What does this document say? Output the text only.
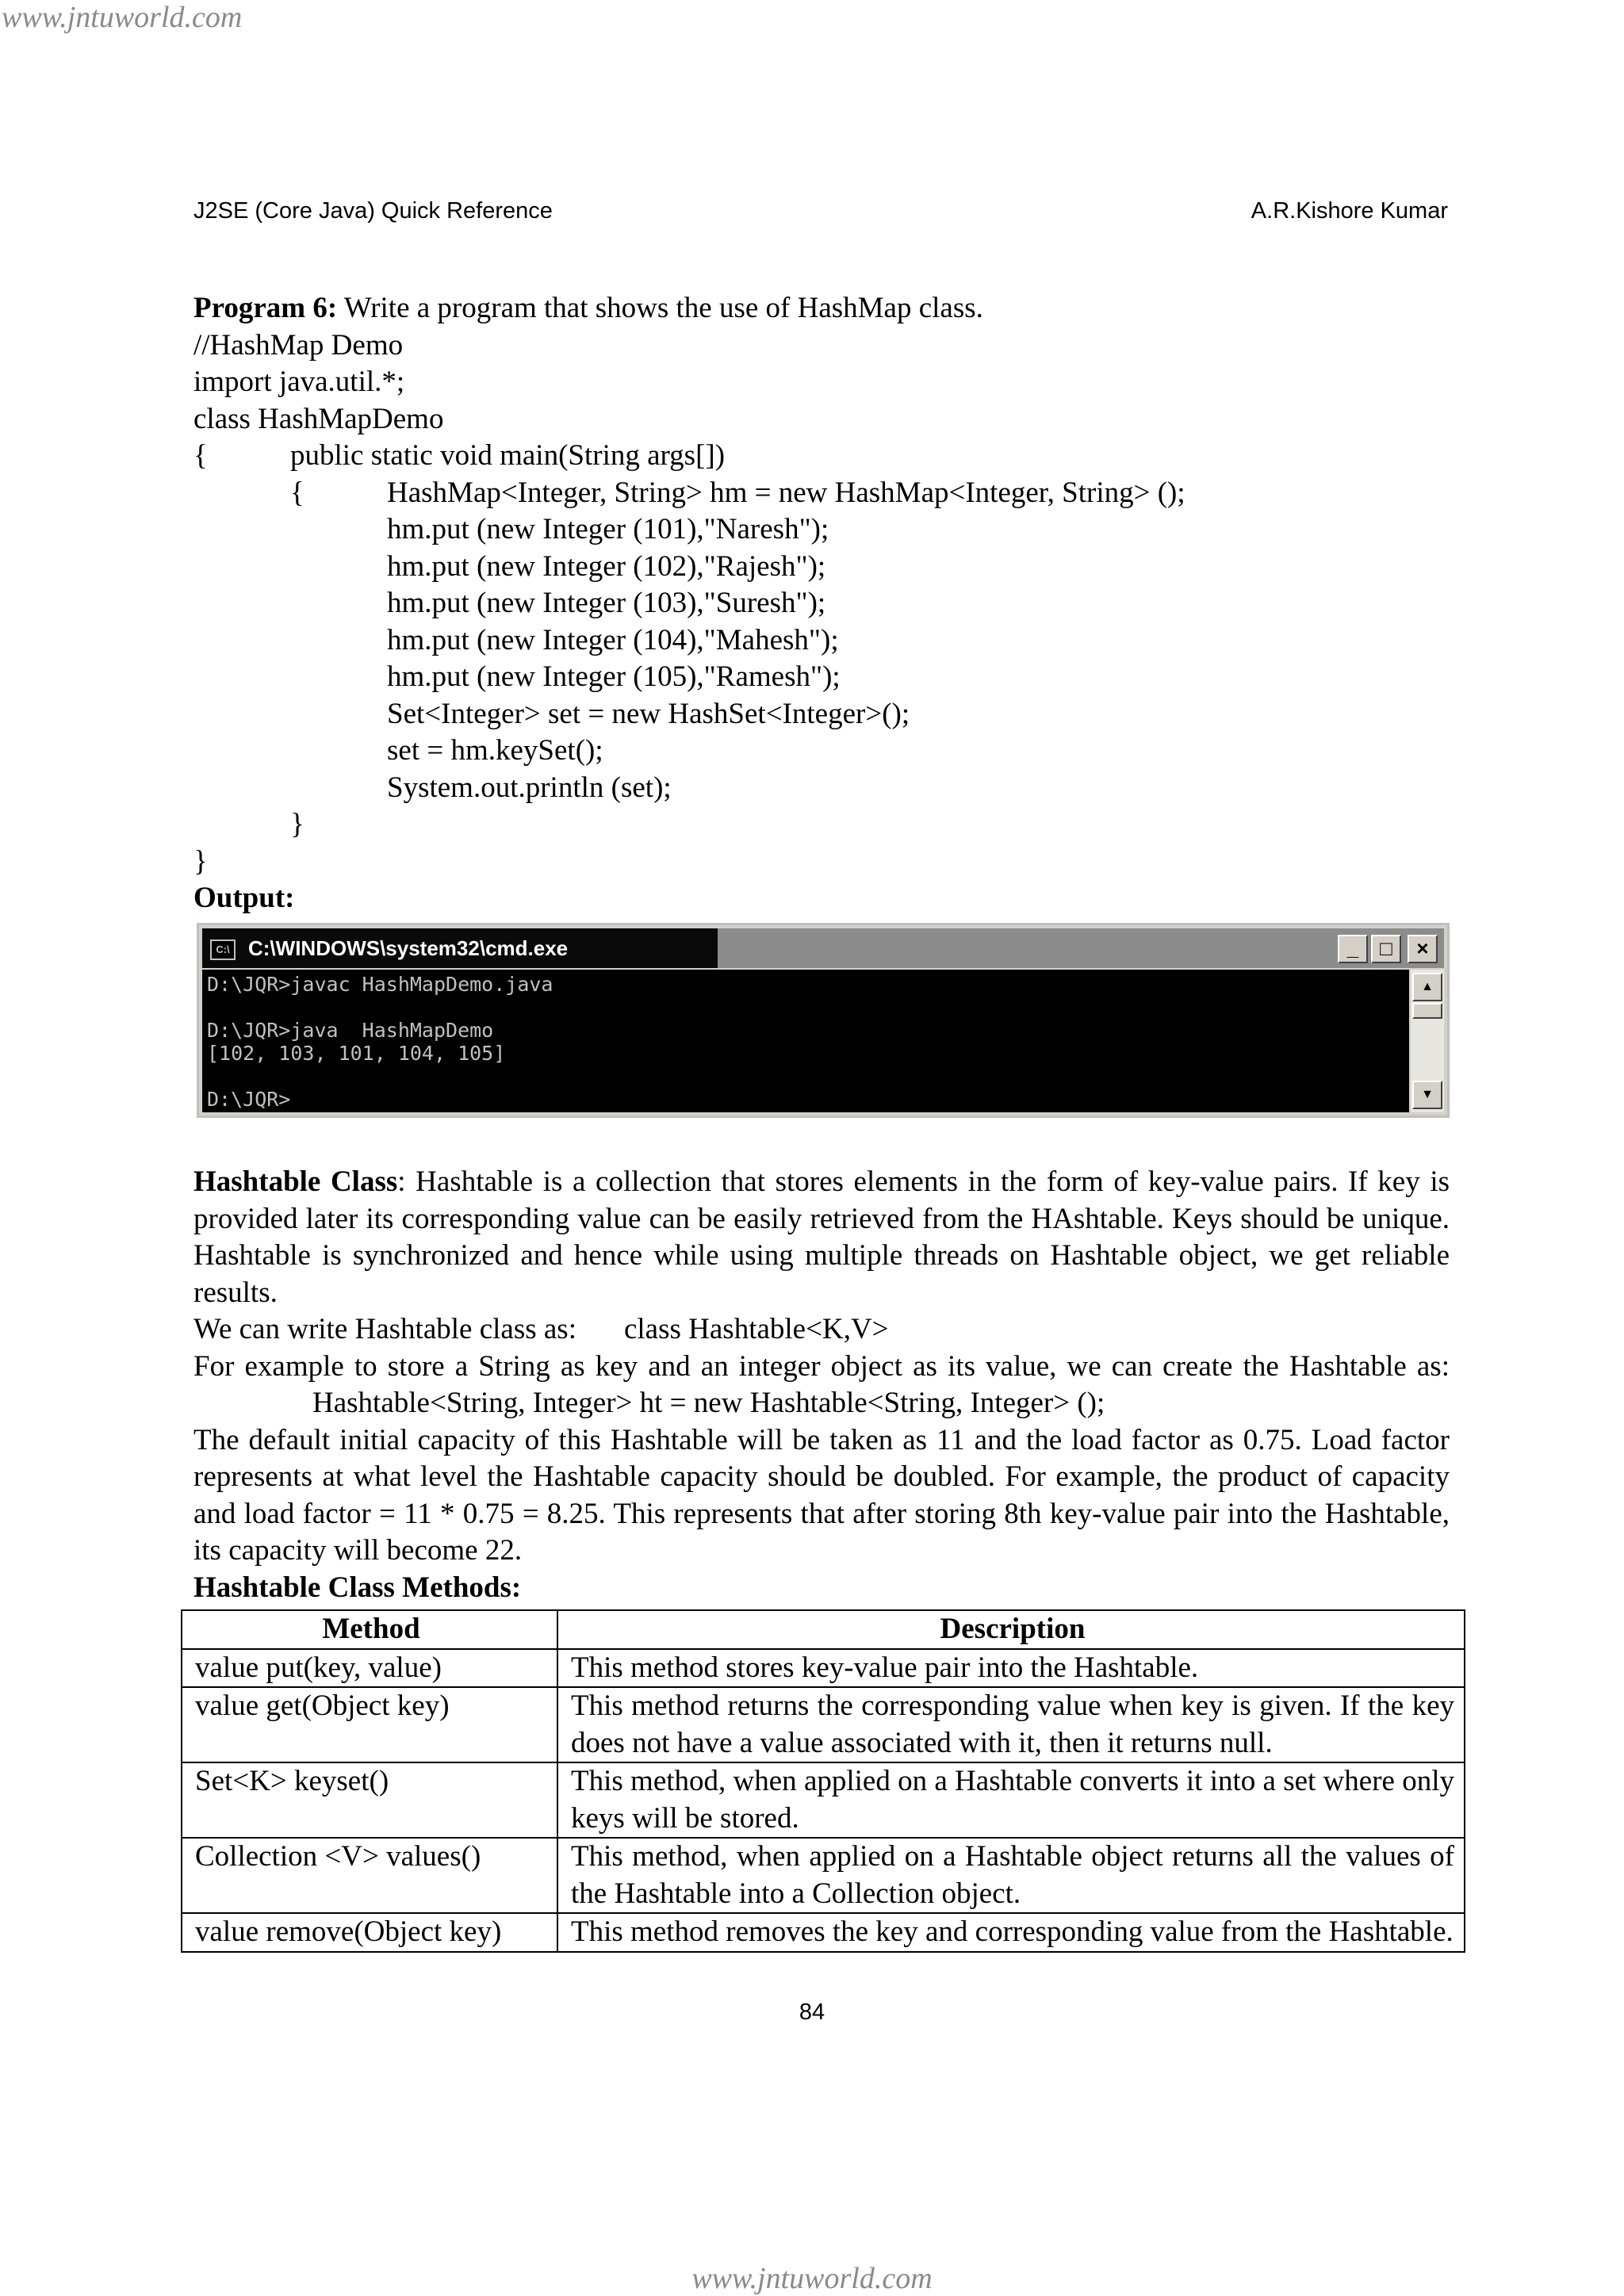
www.jntuworld.com

J2SE (Core Java) Quick Reference	A.R.Kishore Kumar

Program 6: Write a program that shows the use of HashMap class.

//HashMap Demo

import java.util.*;

class HashMapDemo

{	public static void main(String args[])

{	HashMap<Integer, String> hm = new HashMap<Integer, String> ();

hm.put (new Integer (101),"Naresh");

hm.put (new Integer (102),"Rajesh");

hm.put (new Integer (103),"Suresh");

hm.put (new Integer (104),"Mahesh");

hm.put (new Integer (105),"Ramesh");

Set<Integer> set = new HashSet<Integer>();

set = hm.keySet();

System.out.println (set);

}

}

Output:

C:\ C:\WINDOWS\system32\cmd.exe	_	□	×

D:\JQR>javac HashMapDemo.java

D:\JQR>java  HashMapDemo

[102, 103, 101, 104, 105]

D:\JQR>

▲
▼

Hashtable Class: Hashtable is a collection that stores elements in the form of key-value pairs. If key is provided later its corresponding value can be easily retrieved from the HAshtable. Keys should be unique. Hashtable is synchronized and hence while using multiple threads on Hashtable object, we get reliable results.

We can write Hashtable class as: class Hashtable<K,V>

For example to store a String as key and an integer object as its value, we can create the Hashtable as:Hashtable<String, Integer> ht = new Hashtable<String, Integer> ();

The default initial capacity of this Hashtable will be taken as 11 and the load factor as 0.75. Load factor represents at what level the Hashtable capacity should be doubled. For example, the product of capacity and load factor = 11 * 0.75 = 8.25. This represents that after storing 8th key-value pair into the Hashtable, its capacity will become 22.

Hashtable Class Methods:

Method	Description
value put(key, value)	This method stores key-value pair into the Hashtable.
value get(Object key)	This method returns the corresponding value when key is given. If the key does not have a value associated with it, then it returns null.
Set<K> keyset()	This method, when applied on a Hashtable converts it into a set where only keys will be stored.
Collection <V> values()	This method, when applied on a Hashtable object returns all the values of the Hashtable into a Collection object.
value remove(Object key)	This method removes the key and corresponding value from the Hashtable.

84

www.jntuworld.com
